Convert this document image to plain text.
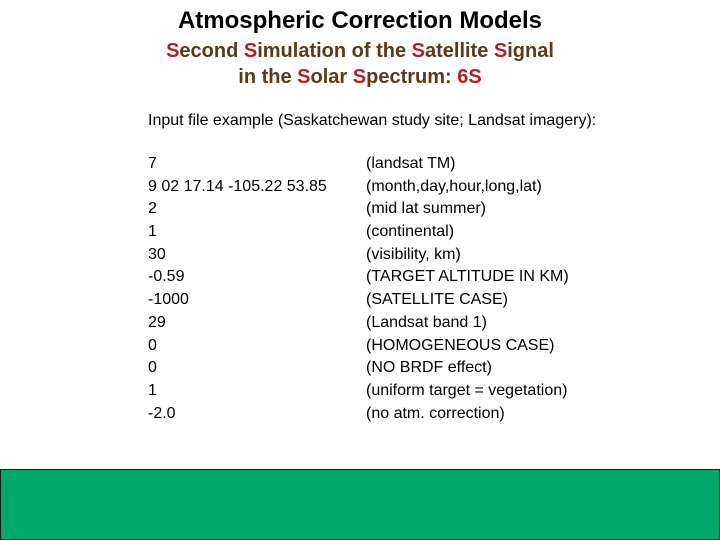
Atmospheric Correction Models
Second Simulation of the Satellite Signal
in the Solar Spectrum: 6S
Input file example (Saskatchewan study site; Landsat imagery):
7	(landsat TM)
9 02 17.14 -105.22 53.85 (month,day,hour,long,lat)
2	(mid lat summer)
1	(continental)
30	(visibility, km)
-0.59	(TARGET ALTITUDE IN KM)
-1000	(SATELLITE CASE)
29	(Landsat band 1)
0	(HOMOGENEOUS CASE)
0	(NO BRDF effect)
1	(uniform target = vegetation)
-2.0	(no atm. correction)
